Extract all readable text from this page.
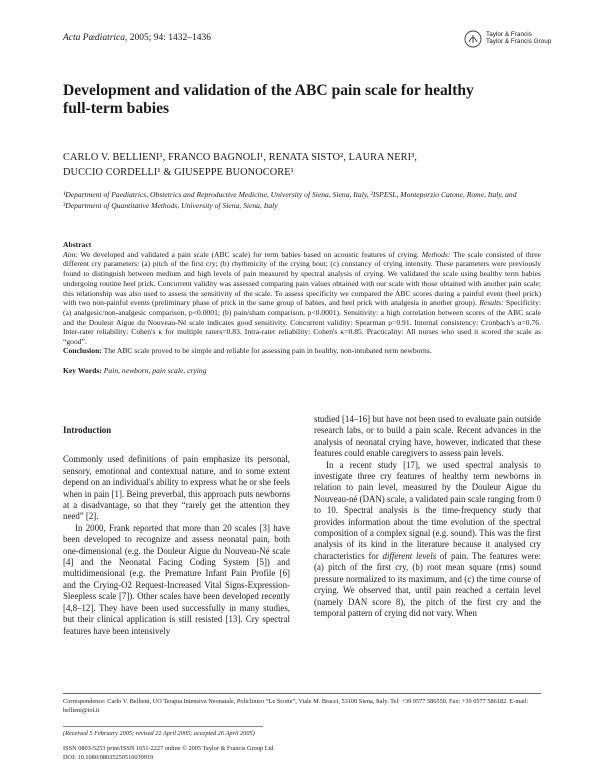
Acta Pædiatrica, 2005; 94: 1432–1436	Taylor & Francis
Taylor & Francis Group
Development and validation of the ABC pain scale for healthy full-term babies
CARLO V. BELLIENI¹, FRANCO BAGNOLI¹, RENATA SISTO², LAURA NERI³,
DUCCIO CORDELLI¹ & GIUSEPPE BUONOCORE¹
¹Department of Paediatrics, Obstetrics and Reproductive Medicine, University of Siena, Siena, Italy, ²ISPESL, Monteporzio Catone, Rome, Italy, and ³Department of Quantitative Methods, University of Siena, Siena, Italy
Abstract
Aim: We developed and validated a pain scale (ABC scale) for term babies based on acoustic features of crying. Methods: The scale consisted of three different cry parameters: (a) pitch of the first cry; (b) rhythmicity of the crying bout; (c) constancy of crying intensity. These parameters were previously found to distinguish between medium and high levels of pain measured by spectral analysis of crying. We validated the scale using healthy term babies undergoing routine heel prick. Concurrent validity was assessed comparing pain values obtained with our scale with those obtained with another pain scale; this relationship was also used to assess the sensitivity of the scale. To assess specificity we compared the ABC scores during a painful event (heel prick) with two non-painful events (preliminary phase of prick in the same group of babies, and heel prick with analgesia in another group). Results: Specificity: (a) analgesic/non-analgesic comparison, p<0.0001; (b) pain/sham comparison, p<0.0001). Sensitivity: a high correlation between scores of the ABC scale and the Douleur Aigue du Nouveau-Né scale indicates good sensitivity. Concurrent validity: Spearman ρ=0.91. Internal consistency: Cronbach's α=0.76. Inter-rater reliability: Cohen's κ for multiple raters=0.83. Intra-rater reliability: Cohen's κ=0.85. Practicality: All nurses who used it scored the scale as “good”.
Conclusion: The ABC scale proved to be simple and reliable for assessing pain in healthy, non-intubated term newborns.
Key Words: Pain, newborn, pain scale, crying
Introduction

Commonly used definitions of pain emphasize its personal, sensory, emotional and contextual nature, and to some extent depend on an individual's ability to express what he or she feels when in pain [1]. Being preverbal, this approach puts newborns at a disadvantage, so that they “rarely get the attention they need” [2].

In 2000, Frank reported that more than 20 scales [3] have been developed to recognize and assess neonatal pain, both one-dimensional (e.g. the Douleur Aigue du Nouveau-Né scale [4] and the Neonatal Facing Coding System [5]) and multidimensional (e.g. the Premature Infant Pain Profile [6] and the Crying-O2 Request-Increased Vital Signs-Expression-Sleepless scale [7]). Other scales have been developed recently [4,8–12]. They have been used successfully in many studies, but their clinical application is still resisted [13]. Cry spectral features have been intensively

studied [14–16] but have not been used to evaluate pain outside research labs, or to build a pain scale. Recent advances in the analysis of neonatal crying have, however, indicated that these features could enable caregivers to assess pain levels.

In a recent study [17], we used spectral analysis to investigate three cry features of healthy term newborns in relation to pain level, measured by the Douleur Aigue du Nouveau-né (DAN) scale, a validated pain scale ranging from 0 to 10. Spectral analysis is the time-frequency study that provides information about the time evolution of the spectral composition of a complex signal (e.g. sound). This was the first analysis of its kind in the literature because it analysed cry characteristics for different levels of pain. The features were: (a) pitch of the first cry, (b) root mean square (rms) sound pressure normalized to its maximum, and (c) the time course of crying. We observed that, until pain reached a certain level (namely DAN score 8), the pitch of the first cry and the temporal pattern of crying did not vary. When

Correspondence: Carlo V. Bellieni, UO Terapia Intensiva Neonatale, Policlinico “Le Scotte”, Viale M. Bracci, 53100 Siena, Italy. Tel: +39 0577 586550. Fax: +39 0577 586182. E-mail: bellieni@iol.it
(Received 5 February 2005; revised 22 April 2005; accepted 26 April 2005)
ISSN 0803-5253 print/ISSN 1651-2227 online © 2005 Taylor & Francis Group Ltd
DOI: 10.1080/08035250510039919
